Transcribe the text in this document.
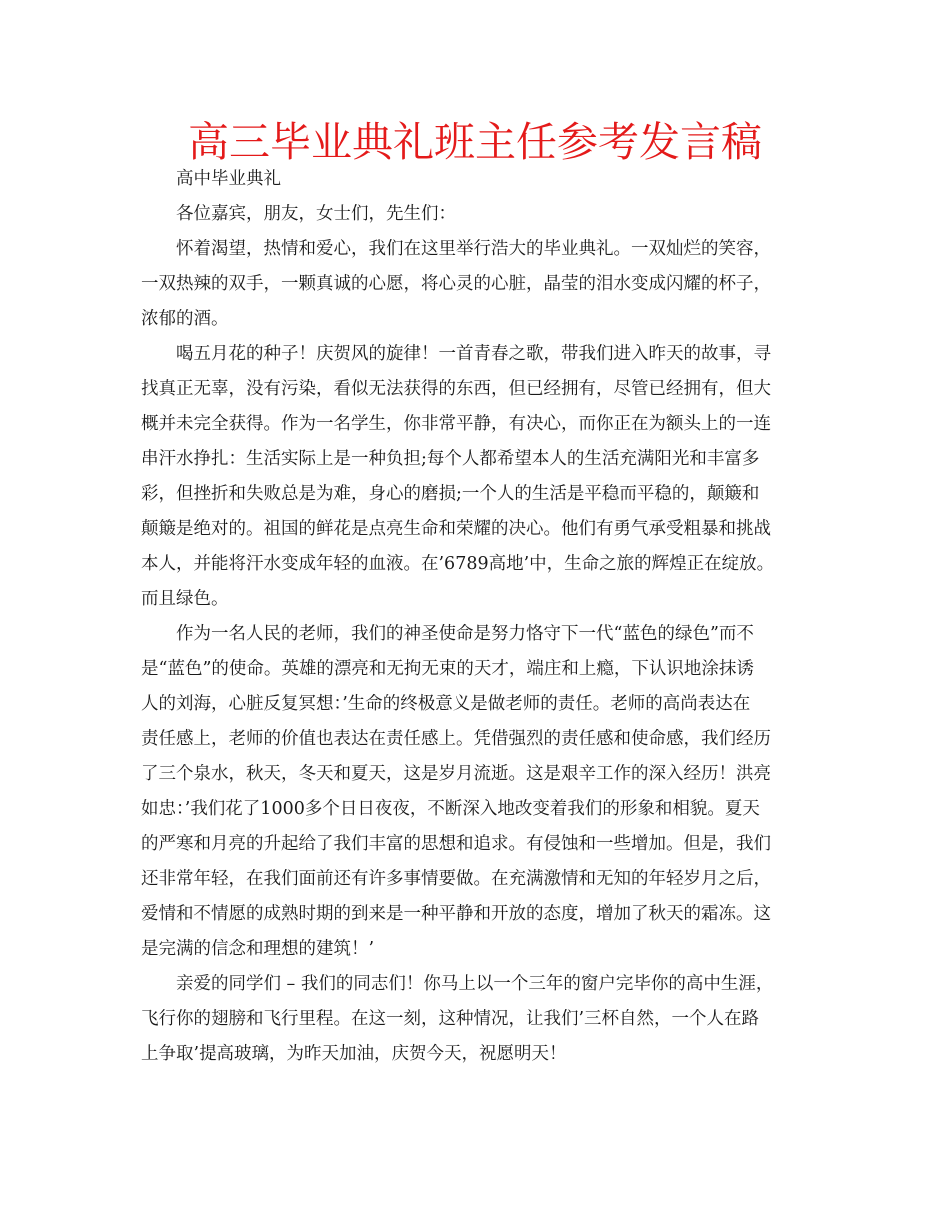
高三毕业典礼班主任参考发言稿

高中毕业典礼

各位嘉宾，朋友，女士们，先生们：

怀着渴望，热情和爱心，我们在这里举行浩大的毕业典礼。一双灿烂的笑容，
一双热辣的双手，一颗真诚的心愿，将心灵的心脏，晶莹的泪水变成闪耀的杯子，
浓郁的酒。

喝五月花的种子！庆贺风的旋律！一首青春之歌，带我们进入昨天的故事，寻
找真正无辜，没有污染，看似无法获得的东西，但已经拥有，尽管已经拥有，但大
概并未完全获得。作为一名学生，你非常平静，有决心，而你正在为额头上的一连
串汗水挣扎：生活实际上是一种负担;每个人都希望本人的生活充满阳光和丰富多
彩，但挫折和失败总是为难，身心的磨损;一个人的生活是平稳而平稳的，颠簸和
颠簸是绝对的。祖国的鲜花是点亮生命和荣耀的决心。他们有勇气承受粗暴和挑战
本人，并能将汗水变成年轻的血液。在’6789高地’中，生命之旅的辉煌正在绽放。
而且绿色。

作为一名人民的老师，我们的神圣使命是努力恪守下一代“蓝色的绿色”而不
是“蓝色”的使命。英雄的漂亮和无拘无束的天才，端庄和上瘾，下认识地涂抹诱
人的刘海，心脏反复冥想：’生命的终极意义是做老师的责任。老师的高尚表达在
责任感上，老师的价值也表达在责任感上。凭借强烈的责任感和使命感，我们经历
了三个泉水，秋天，冬天和夏天，这是岁月流逝。这是艰辛工作的深入经历！洪亮
如忠：’我们花了1000多个日日夜夜，不断深入地改变着我们的形象和相貌。夏天
的严寒和月亮的升起给了我们丰富的思想和追求。有侵蚀和一些增加。但是，我们
还非常年轻，在我们面前还有许多事情要做。在充满激情和无知的年轻岁月之后，
爱情和不情愿的成熟时期的到来是一种平静和开放的态度，增加了秋天的霜冻。这
是完满的信念和理想的建筑！’

亲爱的同学们 – 我们的同志们！你马上以一个三年的窗户完毕你的高中生涯，
飞行你的翅膀和飞行里程。在这一刻，这种情况，让我们’三杯自然，一个人在路
上争取’提高玻璃，为昨天加油，庆贺今天，祝愿明天！
